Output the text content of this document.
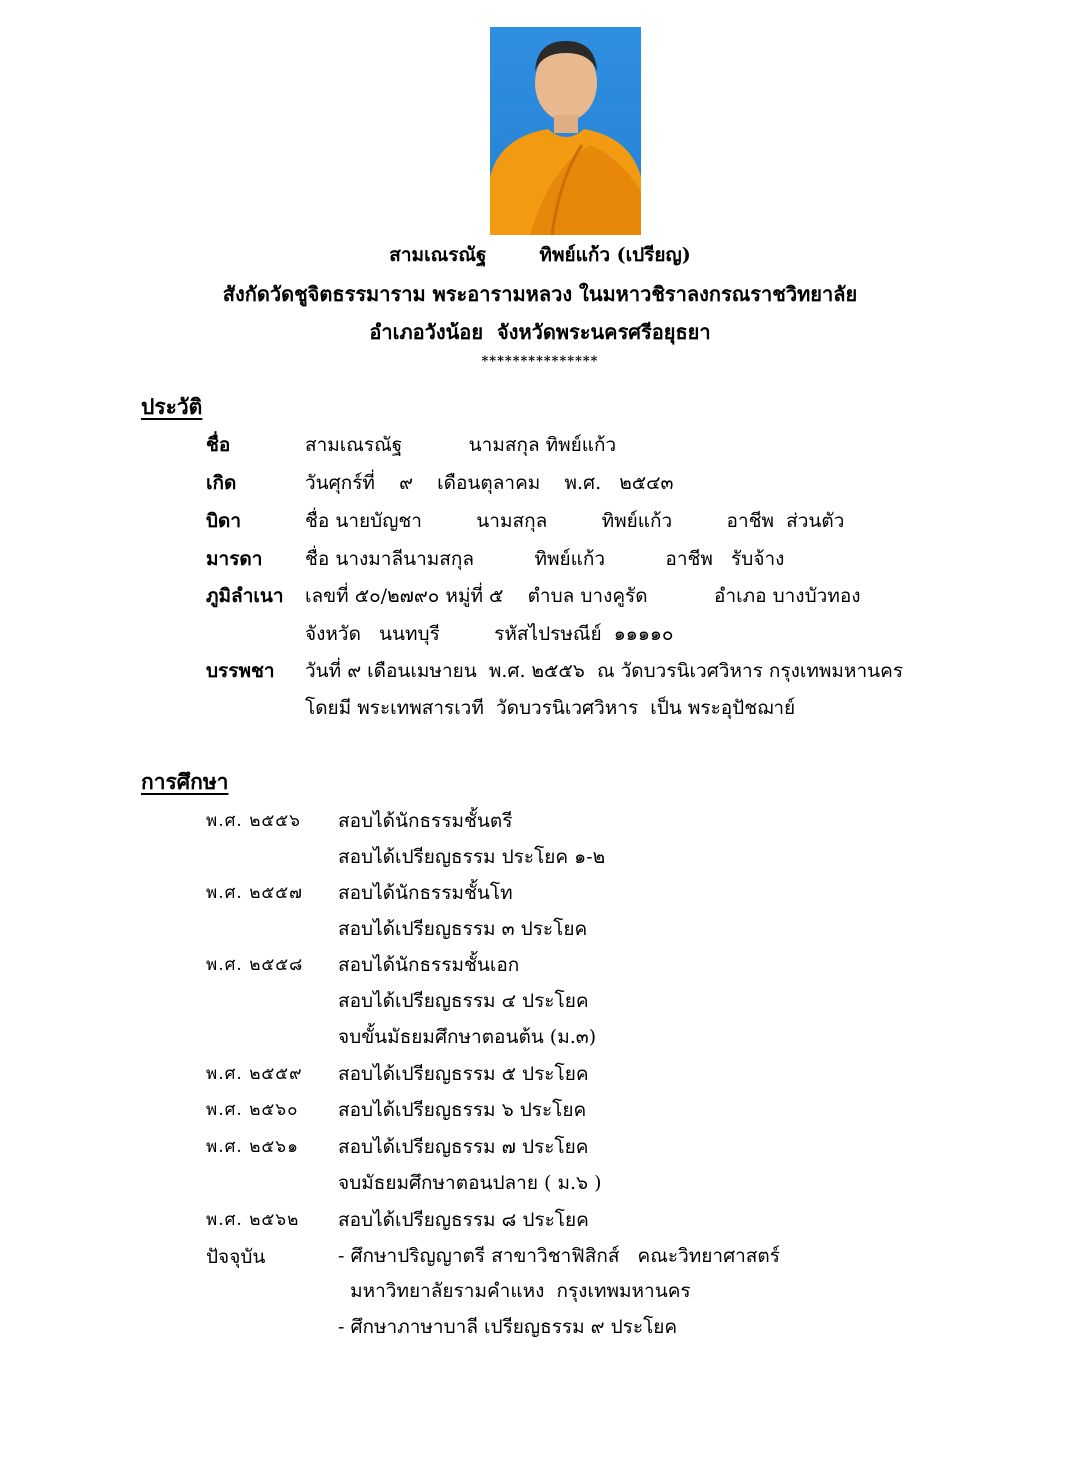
สามเณรณัฐ        ทิพย์แก้ว (เปรียญ)
สังกัดวัดชูจิตธรรมาราม พระอารามหลวง ในมหาวชิราลงกรณราชวิทยาลัย
อำเภอวังน้อย  จังหวัดพระนครศรีอยุธยา
***************
ประวัติ
ชื่อ	สามเณรณัฐ           นามสกุล ทิพย์แก้ว
เกิด	วันศุกร์ที่    ๙    เดือนตุลาคม    พ.ศ.   ๒๕๔๓
บิดา	ชื่อ นายบัญชา         นามสกุล         ทิพย์แก้ว         อาชีพ  ส่วนตัว
มารดา ชื่อ นางมาลีนามสกุล          ทิพย์แก้ว          อาชีพ   รับจ้าง
ภูมิลำเนา เลขที่ ๕๐/๒๗๙๐ หมู่ที่ ๕    ตำบล บางคูรัด           อำเภอ บางบัวทอง
จังหวัด   นนทบุรี         รหัสไปรษณีย์  ๑๑๑๑๐
บรรพชา วันที่ ๙ เดือนเมษายน  พ.ศ. ๒๕๕๖  ณ วัดบวรนิเวศวิหาร กรุงเทพมหานคร
โดยมี พระเทพสารเวที  วัดบวรนิเวศวิหาร  เป็น พระอุปัชฌาย์
การศึกษา
พ.ศ. ๒๕๕๖ สอบได้นักธรรมชั้นตรี
สอบได้เปรียญธรรม ประโยค ๑-๒
พ.ศ. ๒๕๕๗ สอบได้นักธรรมชั้นโท
สอบได้เปรียญธรรม ๓ ประโยค
พ.ศ. ๒๕๕๘ สอบได้นักธรรมชั้นเอก
สอบได้เปรียญธรรม ๔ ประโยค
จบขั้นมัธยมศึกษาตอนต้น (ม.๓)
พ.ศ. ๒๕๕๙ สอบได้เปรียญธรรม ๕ ประโยค
พ.ศ. ๒๕๖๐ สอบได้เปรียญธรรม ๖ ประโยค
พ.ศ. ๒๕๖๑ สอบได้เปรียญธรรม ๗ ประโยค
จบมัธยมศึกษาตอนปลาย ( ม.๖ )
พ.ศ. ๒๕๖๒ สอบได้เปรียญธรรม ๘ ประโยค
ปัจจุบัน	- ศึกษาปริญญาตรี สาขาวิชาฟิสิกส์   คณะวิทยาศาสตร์
มหาวิทยาลัยรามคำแหง  กรุงเทพมหานคร
- ศึกษาภาษาบาลี เปรียญธรรม ๙ ประโยค
